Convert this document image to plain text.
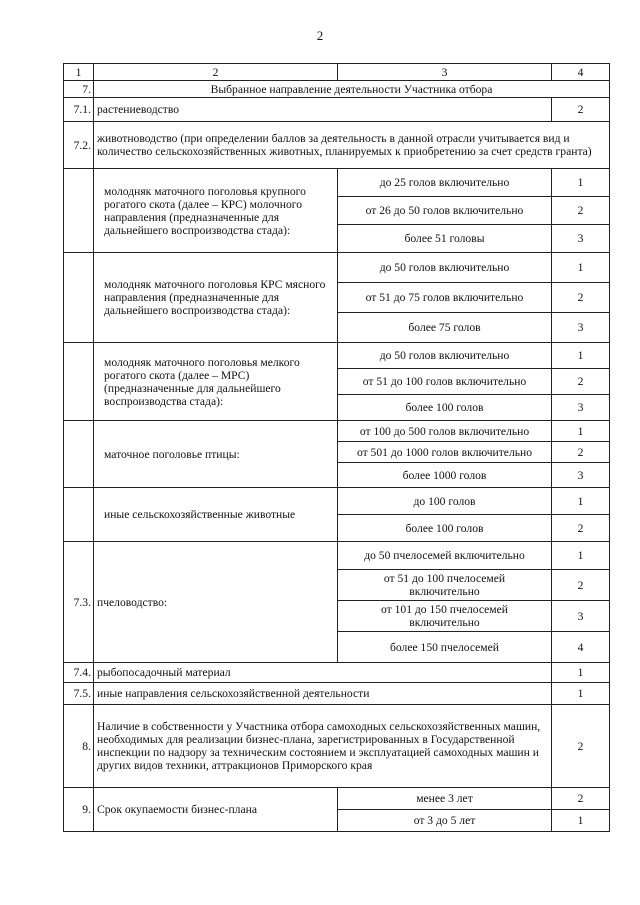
2
1	2	3	4
7.	Выбранное направление деятельности Участника отбора		
7.1.	растениеводство		2
7.2.	животноводство (при определении баллов за деятельность в данной отрасли учитывается вид и количество сельскохозяйственных животных, планируемых к приобретению за счет средств гранта)		
	молодняк маточного поголовья крупного рогатого скота (далее – КРС) молочного направления (предназначенные для дальнейшего воспроизводства стада):	до 25 голов включительно	1
		от 26 до 50 голов включительно	2
		более 51 головы	3
	молодняк маточного поголовья КРС мясного направления (предназначенные для дальнейшего воспроизводства стада):	до 50 голов включительно	1
		от 51 до 75 голов включительно	2
		более 75 голов	3
	молодняк маточного поголовья мелкого рогатого скота (далее – МРС) (предназначенные для дальнейшего воспроизводства стада):	до 50 голов включительно	1
		от 51 до 100 голов включительно	2
		более 100 голов	3
	маточное поголовье птицы:	от 100 до 500 голов включительно	1
		от 501 до 1000 голов включительно	2
		более 1000 голов	3
	иные сельскохозяйственные животные	до 100 голов	1
		более 100 голов	2
7.3.	пчеловодство:	до 50 пчелосемей включительно	1
		от 51 до 100 пчелосемей включительно	2
		от 101 до 150 пчелосемей включительно	3
		более 150 пчелосемей	4
7.4.	рыбопосадочный материал		1
7.5.	иные направления сельскохозяйственной деятельности		1
8.	Наличие в собственности у Участника отбора самоходных сельскохозяйственных машин, необходимых для реализации бизнес-плана, зарегистрированных в Государственной инспекции по надзору за техническим состоянием и эксплуатацией самоходных машин и других видов техники, аттракционов Приморского края		2
9.	Срок окупаемости бизнес-плана	менее 3 лет	2
		от 3 до 5 лет	1
